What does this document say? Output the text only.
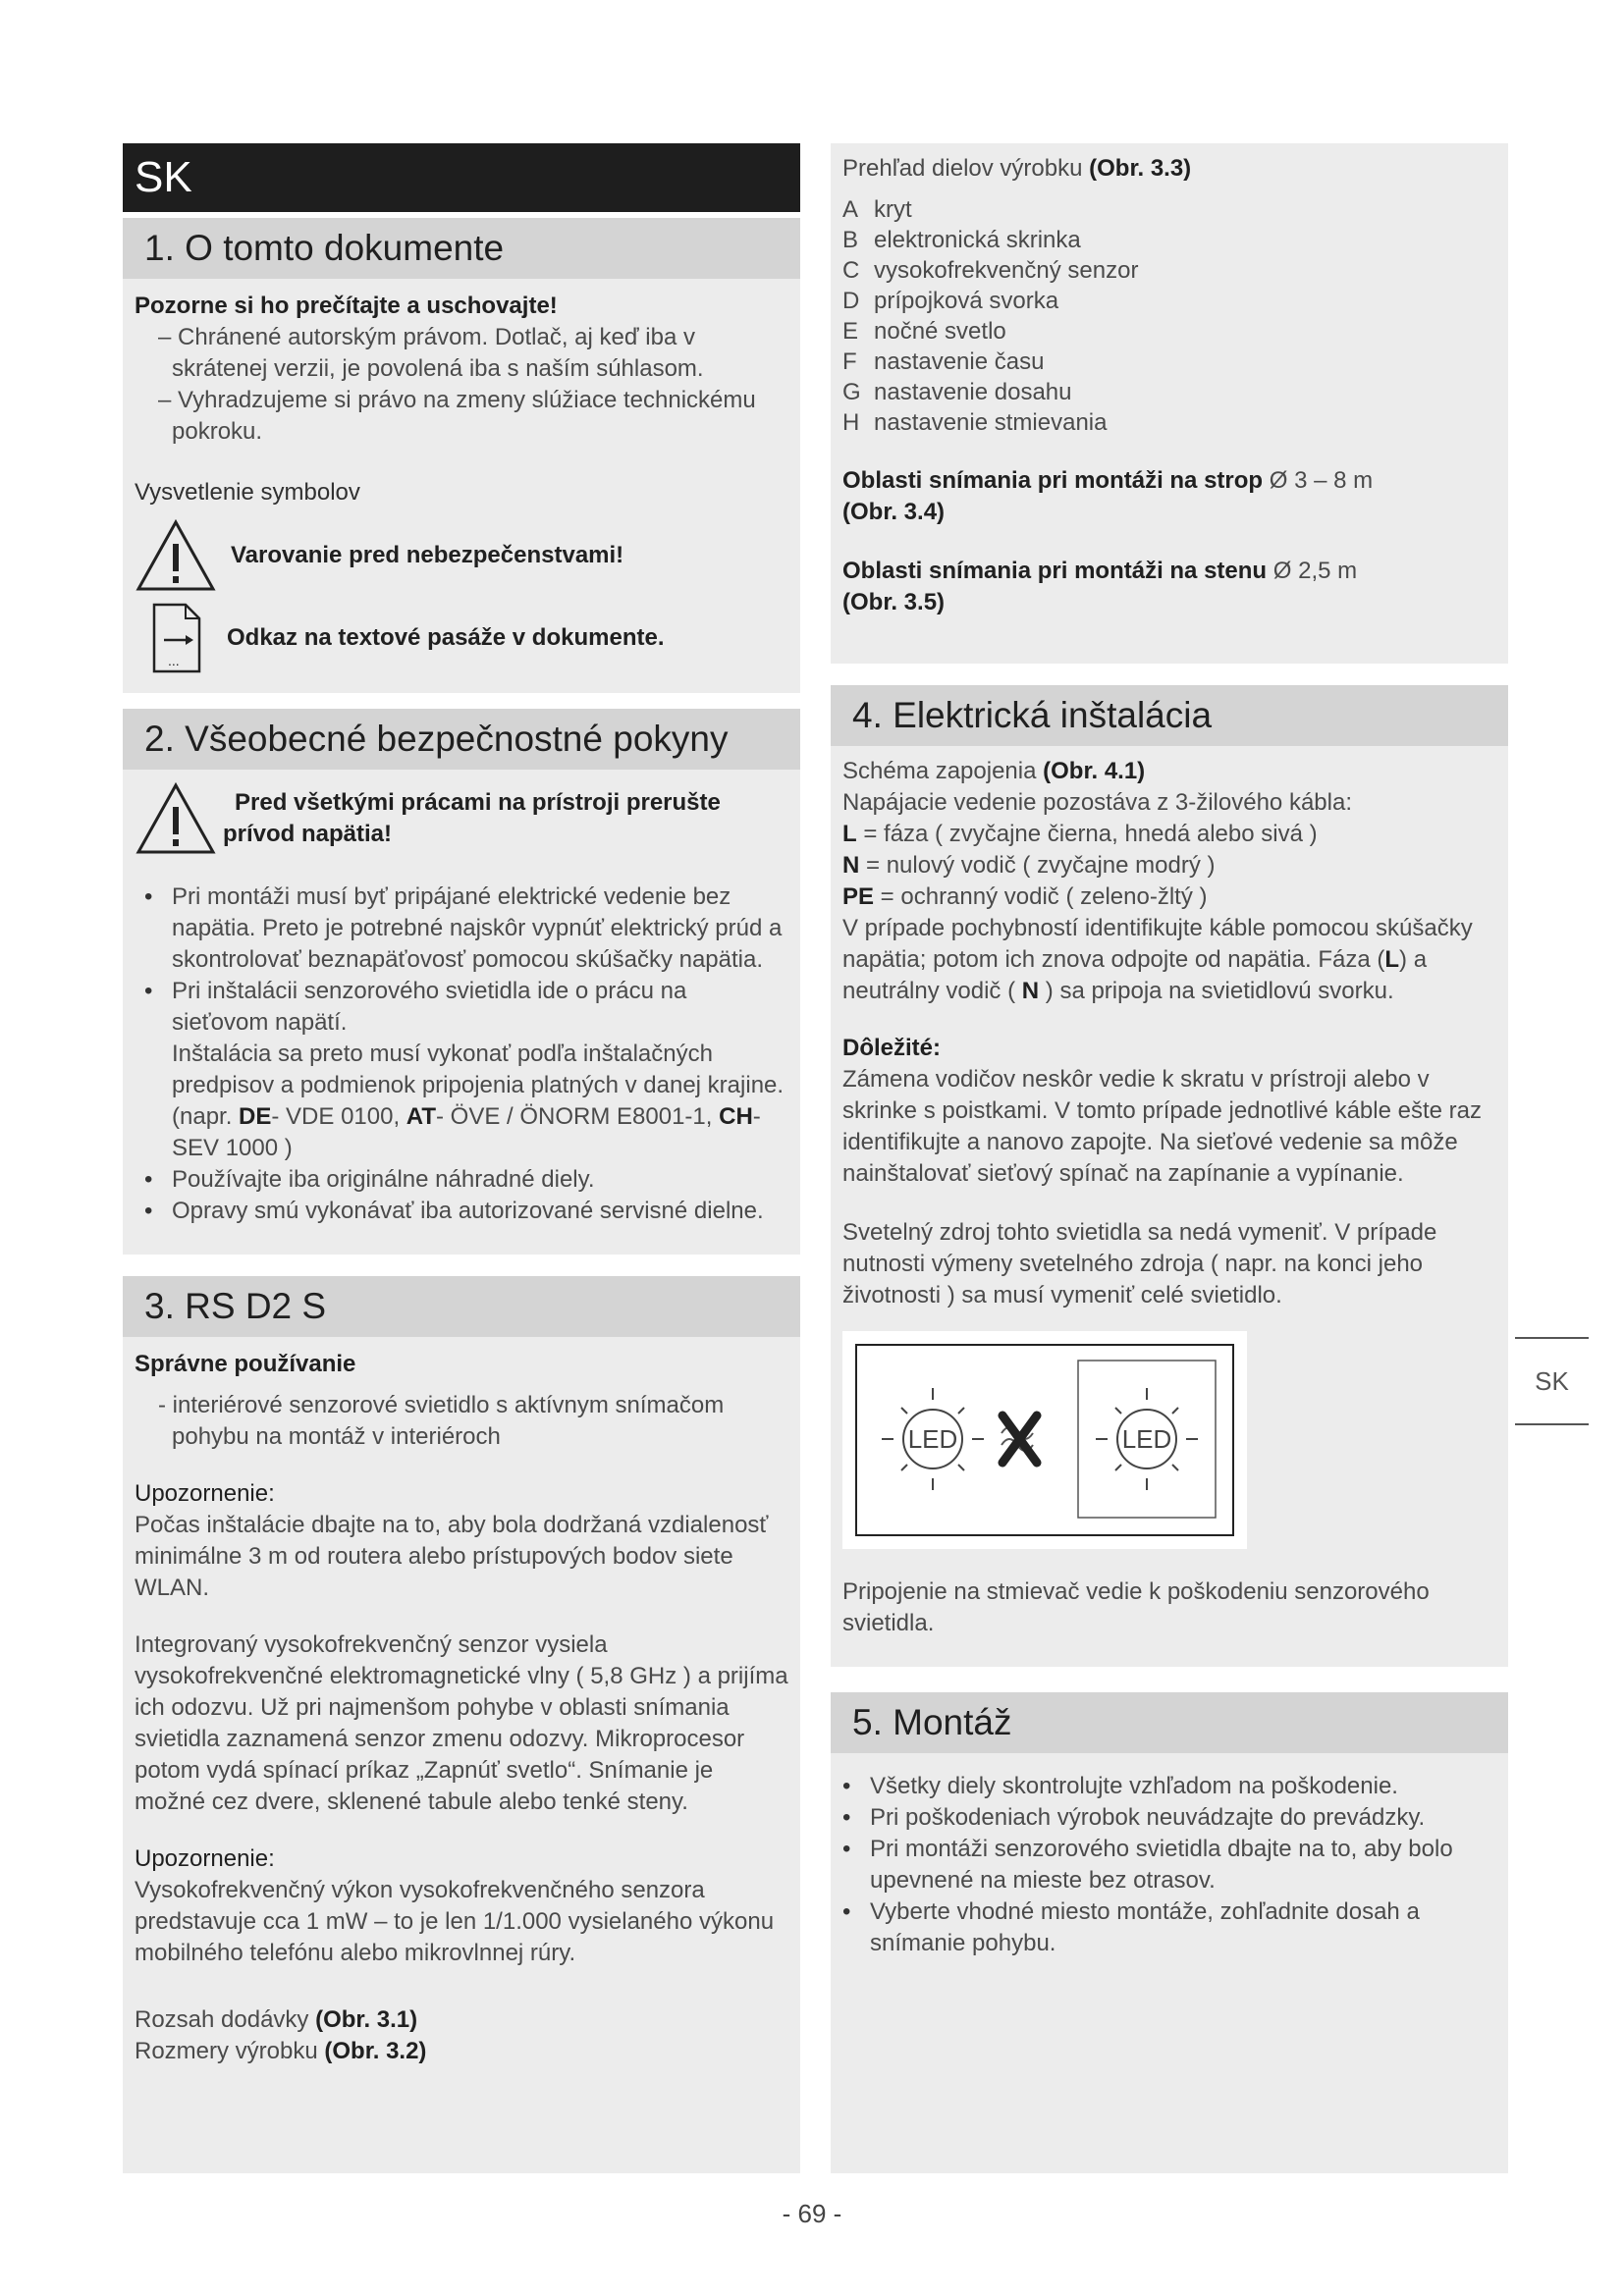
SK
1. O tomto dokumente

Pozorne si ho prečítajte a uschovajte!

– Chránené autorským právom. Dotlač, aj keď iba v skrátenej verzii, je povolená iba s naším súhlasom.

– Vyhradzujeme si právo na zmeny slúžiace technickému pokroku.

Vysvetlenie symbolov

Varovanie pred nebezpečenstvami!
...
Odkaz na textové pasáže v dokumente.
2. Všeobecné bezpečnostné pokyny
Pred všetkými prácami na prístroji prerušte
prívod napätia!

• Pri montáži musí byť pripájané elektrické vedenie bez napätia. Preto je potrebné najskôr vypnúť elektrický prúd a skontrolovať beznapäťovosť pomocou skúšačky napätia.

• Pri inštalácii senzorového svietidla ide o prácu na sieťovom napätí.

Inštalácia sa preto musí vykonať podľa inštalačných predpisov a podmienok pripojenia platných v danej krajine. (napr. DE- VDE 0100, AT- ÖVE / ÖNORM E8001-1, CH- SEV 1000 )

• Používajte iba originálne náhradné diely.

• Opravy smú vykonávať iba autorizované servisné dielne.

3. RS D2 S

Správne používanie

- interiérové senzorové svietidlo s aktívnym snímačom pohybu na montáž v interiéroch

Upozornenie:

Počas inštalácie dbajte na to, aby bola dodržaná vzdialenosť minimálne 3 m od routera alebo prístupových bodov siete WLAN.

Integrovaný vysokofrekvenčný senzor vysiela vysokofrekvenčné elektromagnetické vlny ( 5,8 GHz ) a prijíma ich odozvu. Už pri najmenšom pohybe v oblasti snímania svietidla zaznamená senzor zmenu odozvy. Mikroprocesor potom vydá spínací príkaz „Zapnúť svetlo“. Snímanie je možné cez dvere, sklenené tabule alebo tenké steny.

Upozornenie:

Vysokofrekvenčný výkon vysokofrekvenčného senzora predstavuje cca 1 mW – to je len 1/1.000 vysielaného výkonu mobilného telefónu alebo mikrovlnnej rúry.

Rozsah dodávky (Obr. 3.1)

Rozmery výrobku (Obr. 3.2)

Prehľad dielov výrobku (Obr. 3.3)

A kryt
B elektronická skrinka
C vysokofrekvenčný senzor
D prípojková svorka
E nočné svetlo
F nastavenie času
G nastavenie dosahu
H nastavenie stmievania

Oblasti snímania pri montáži na strop Ø 3 – 8 m
(Obr. 3.4)

Oblasti snímania pri montáži na stenu Ø 2,5 m
(Obr. 3.5)

4. Elektrická inštalácia

Schéma zapojenia (Obr. 4.1)

Napájacie vedenie pozostáva z 3-žilového kábla:

L = fáza ( zvyčajne čierna, hnedá alebo sivá )

N = nulový vodič ( zvyčajne modrý )

PE = ochranný vodič ( zeleno-žltý )

V prípade pochybností identifikujte káble pomocou skúšačky napätia; potom ich znova odpojte od napätia. Fáza (L) a neutrálny vodič ( N ) sa pripoja na svietidlovú svorku.

Dôležité:

Zámena vodičov neskôr vedie k skratu v prístroji alebo v skrinke s poistkami. V tomto prípade jednotlivé káble ešte raz identifikujte a nanovo zapojte. Na sieťové vedenie sa môže nainštalovať sieťový spínač na zapínanie a vypínanie.

Svetelný zdroj tohto svietidla sa nedá vymeniť. V prípade nutnosti výmeny svetelného zdroja ( napr. na konci jeho životnosti ) sa musí vymeniť celé svietidlo.

LED	LED

Pripojenie na stmievač vedie k poškodeniu senzorového svietidla.

5. Montáž

• Všetky diely skontrolujte vzhľadom na poškodenie.

• Pri poškodeniach výrobok neuvádzajte do prevádzky.

• Pri montáži senzorového svietidla dbajte na to, aby bolo upevnené na mieste bez otrasov.

• Vyberte vhodné miesto montáže, zohľadnite dosah a snímanie pohybu.

SK
- 69 -
